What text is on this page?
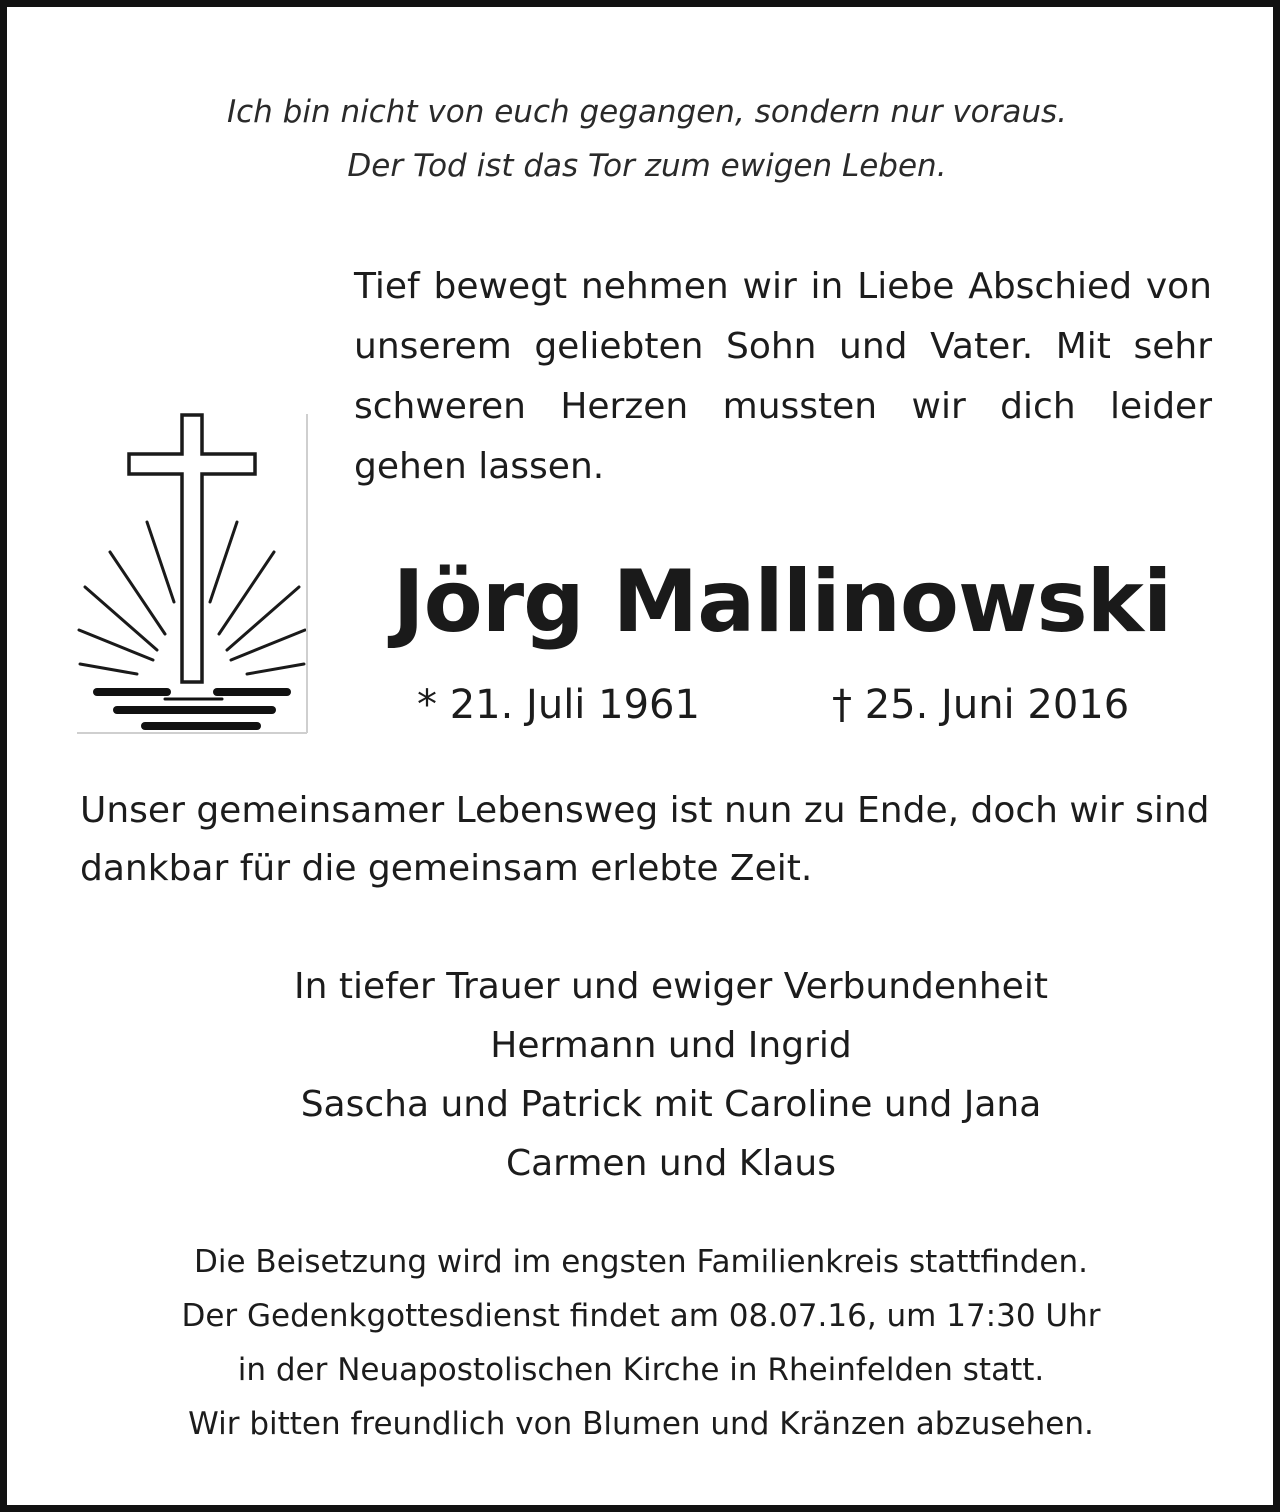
Ich bin nicht von euch gegangen, sondern nur voraus.
Der Tod ist das Tor zum ewigen Leben.
Tief bewegt nehmen wir in Liebe Abschied von unserem geliebten Sohn und Vater. Mit sehr schweren Herzen mussten wir dich leider gehen lassen.
Jörg Mallinowski
* 21. Juli 1961	† 25. Juni 2016
Unser gemeinsamer Lebensweg ist nun zu Ende, doch wir sind dankbar für die gemeinsam erlebte Zeit.
In tiefer Trauer und ewiger Verbundenheit
Hermann und Ingrid
Sascha und Patrick mit Caroline und Jana
Carmen und Klaus
Die Beisetzung wird im engsten Familienkreis stattfinden.
Der Gedenkgottesdienst findet am 08.07.16, um 17:30 Uhr
in der Neuapostolischen Kirche in Rheinfelden statt.
Wir bitten freundlich von Blumen und Kränzen abzusehen.
